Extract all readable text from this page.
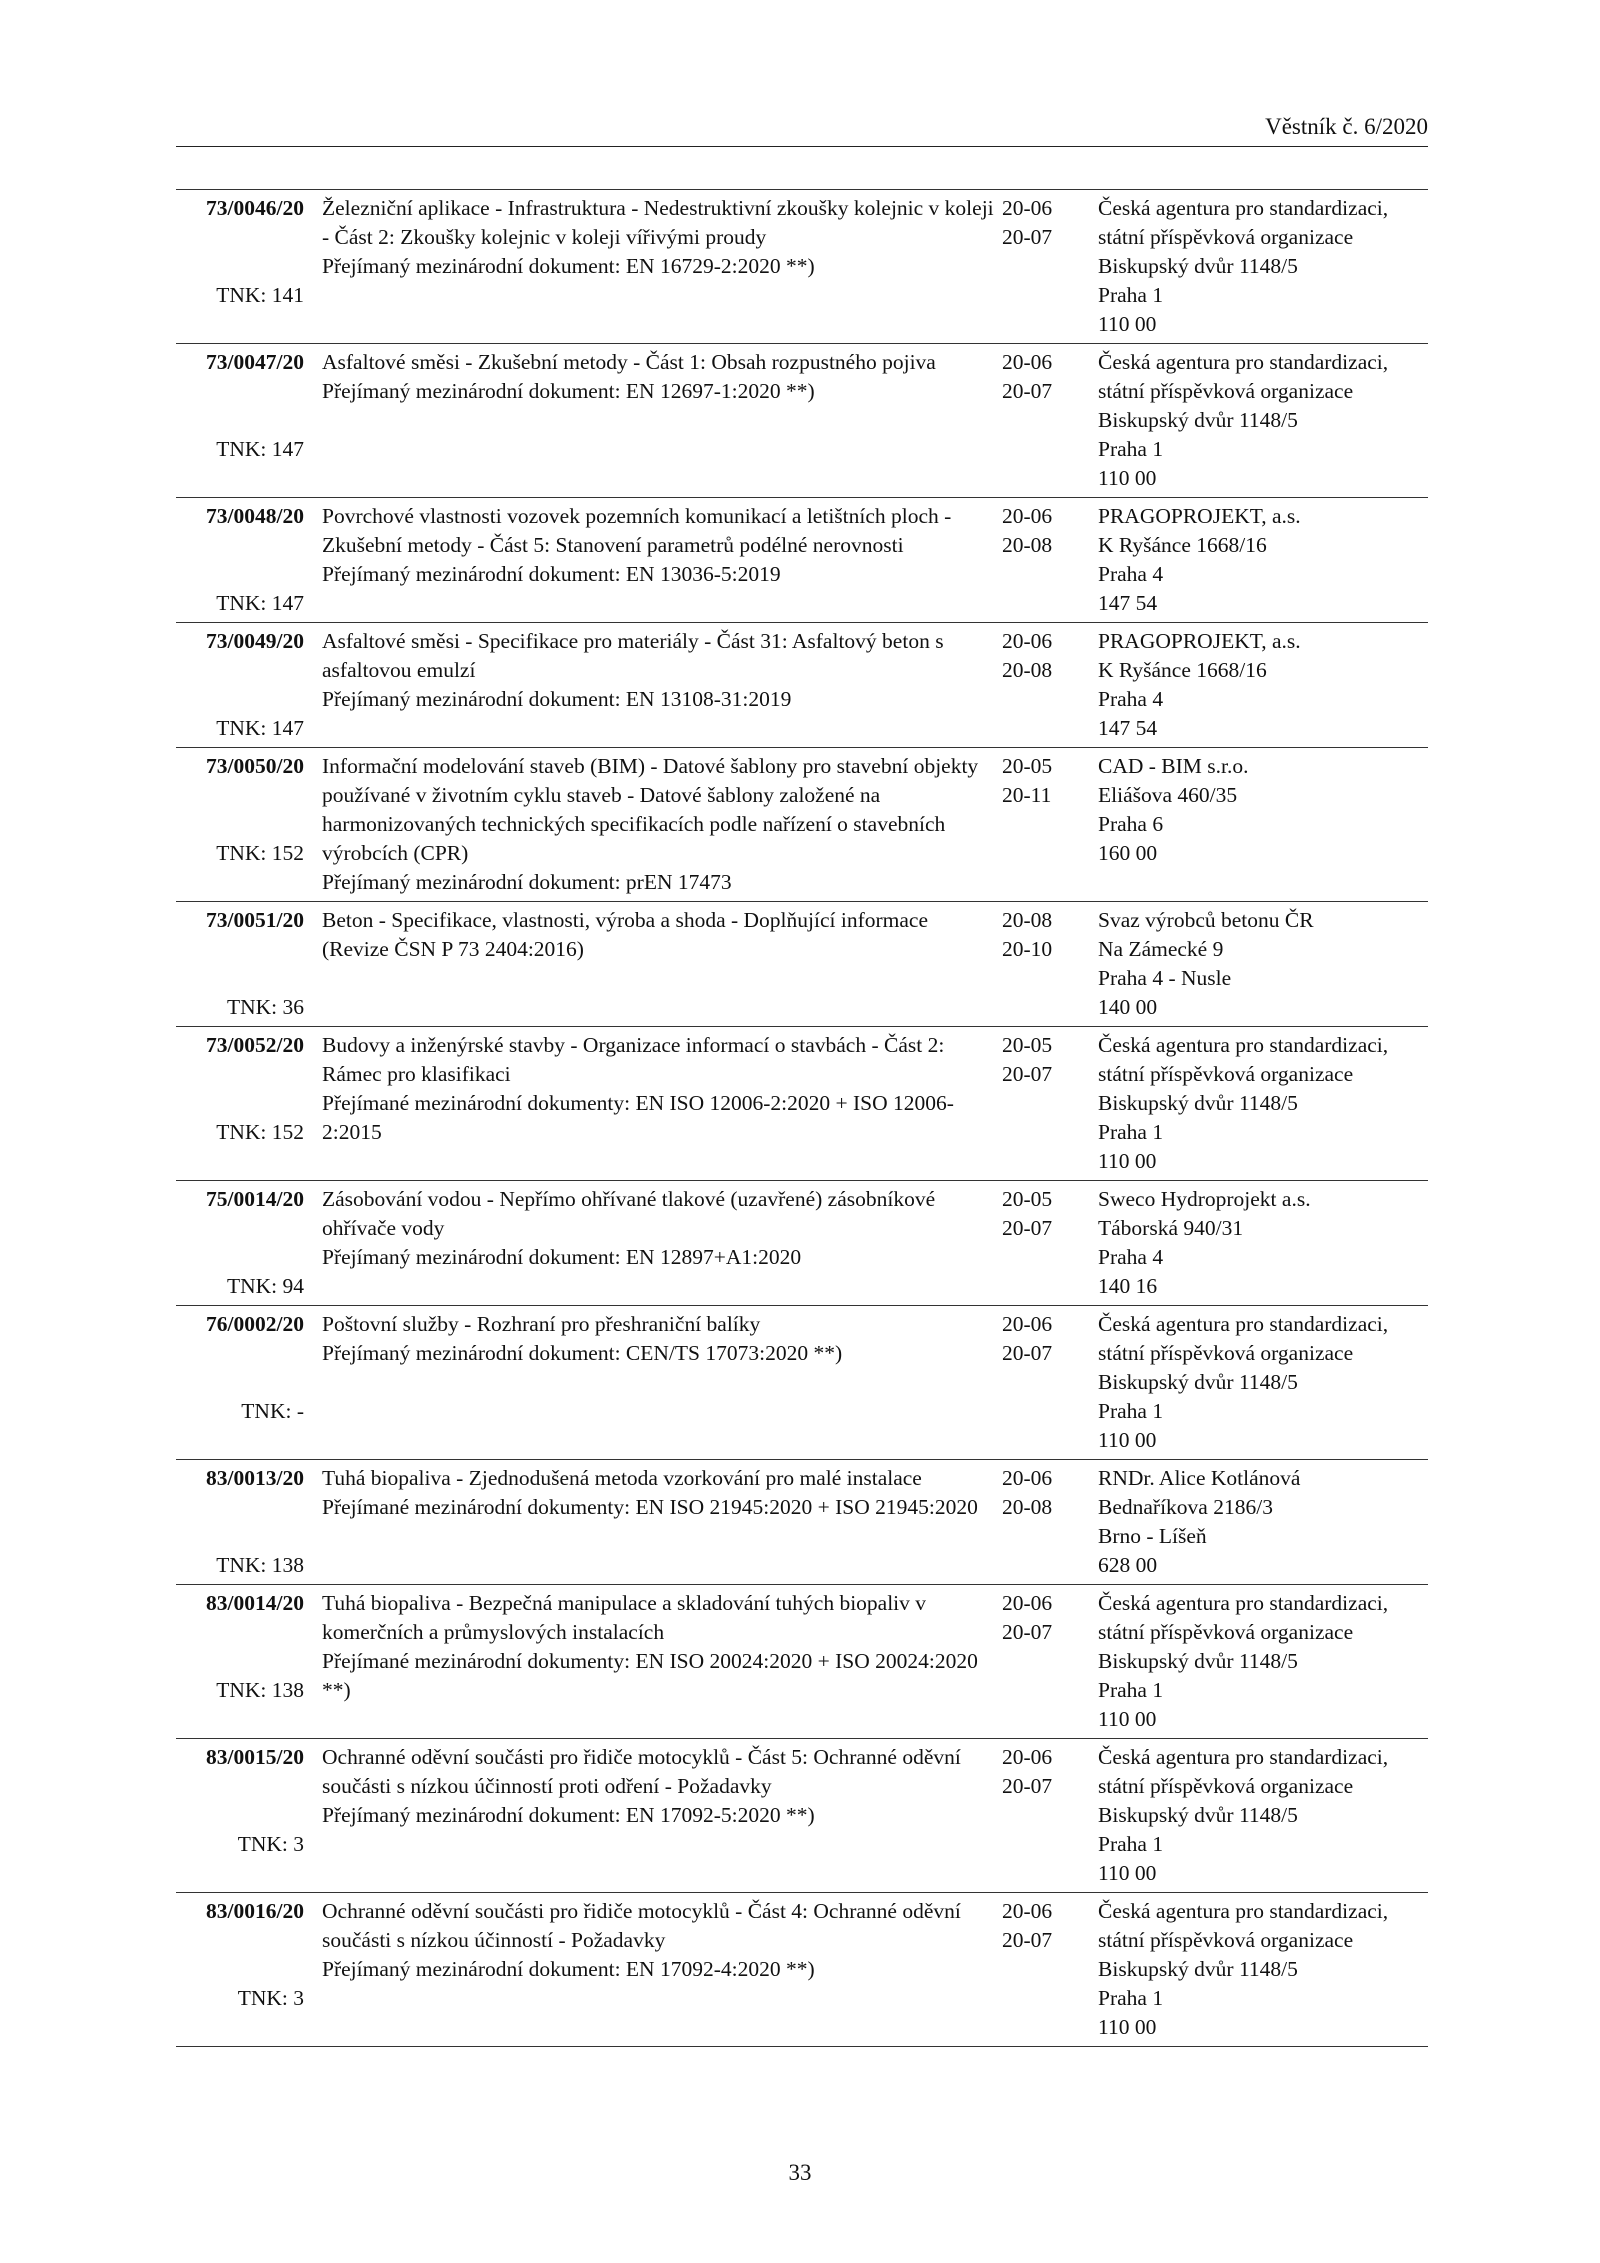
Věstník č. 6/2020
73/0046/20
TNK: 141
Železniční aplikace - Infrastruktura - Nedestruktivní zkoušky kolejnic v koleji - Část 2: Zkoušky kolejnic v koleji vířivými proudy
Přejímaný mezinárodní dokument: EN 16729-2:2020 **)
20-06
20-07
Česká agentura pro standardizaci,
státní příspěvková organizace
Biskupský dvůr 1148/5
Praha 1
110 00
73/0047/20
TNK: 147
Asfaltové směsi - Zkušební metody - Část 1: Obsah rozpustného pojiva
Přejímaný mezinárodní dokument: EN 12697-1:2020 **)
20-06
20-07
Česká agentura pro standardizaci,
státní příspěvková organizace
Biskupský dvůr 1148/5
Praha 1
110 00
73/0048/20
TNK: 147
Povrchové vlastnosti vozovek pozemních komunikací a letištních ploch - Zkušební metody - Část 5: Stanovení parametrů podélné nerovnosti
Přejímaný mezinárodní dokument: EN 13036-5:2019
20-06
20-08
PRAGOPROJEKT, a.s.
K Ryšánce 1668/16
Praha 4
147 54
73/0049/20
TNK: 147
Asfaltové směsi - Specifikace pro materiály - Část 31: Asfaltový beton s asfaltovou emulzí
Přejímaný mezinárodní dokument: EN 13108-31:2019
20-06
20-08
PRAGOPROJEKT, a.s.
K Ryšánce 1668/16
Praha 4
147 54
73/0050/20
TNK: 152
Informační modelování staveb (BIM) - Datové šablony pro stavební objekty používané v životním cyklu staveb - Datové šablony založené na harmonizovaných technických specifikacích podle nařízení o stavebních výrobcích (CPR)
Přejímaný mezinárodní dokument: prEN 17473
20-05
20-11
CAD - BIM s.r.o.
Eliášova 460/35
Praha 6
160 00
73/0051/20
TNK: 36
Beton - Specifikace, vlastnosti, výroba a shoda - Doplňující informace (Revize ČSN P 73 2404:2016)
20-08
20-10
Svaz výrobců betonu ČR
Na Zámecké 9
Praha 4 - Nusle
140 00
73/0052/20
TNK: 152
Budovy a inženýrské stavby - Organizace informací o stavbách - Část 2: Rámec pro klasifikaci
Přejímané mezinárodní dokumenty: EN ISO 12006-2:2020 + ISO 12006-2:2015
20-05
20-07
Česká agentura pro standardizaci,
státní příspěvková organizace
Biskupský dvůr 1148/5
Praha 1
110 00
75/0014/20
TNK: 94
Zásobování vodou - Nepřímo ohřívané tlakové (uzavřené) zásobníkové ohřívače vody
Přejímaný mezinárodní dokument: EN 12897+A1:2020
20-05
20-07
Sweco Hydroprojekt a.s.
Táborská 940/31
Praha 4
140 16
76/0002/20
TNK: -
Poštovní služby - Rozhraní pro přeshraniční balíky
Přejímaný mezinárodní dokument: CEN/TS 17073:2020 **)
20-06
20-07
Česká agentura pro standardizaci,
státní příspěvková organizace
Biskupský dvůr 1148/5
Praha 1
110 00
83/0013/20
TNK: 138
Tuhá biopaliva - Zjednodušená metoda vzorkování pro malé instalace
Přejímané mezinárodní dokumenty: EN ISO 21945:2020 + ISO 21945:2020
20-06
20-08
RNDr. Alice Kotlánová
Bednaříkova 2186/3
Brno - Líšeň
628 00
83/0014/20
TNK: 138
Tuhá biopaliva - Bezpečná manipulace a skladování tuhých biopaliv v komerčních a průmyslových instalacích
Přejímané mezinárodní dokumenty: EN ISO 20024:2020 + ISO 20024:2020 **)
20-06
20-07
Česká agentura pro standardizaci,
státní příspěvková organizace
Biskupský dvůr 1148/5
Praha 1
110 00
83/0015/20
TNK: 3
Ochranné oděvní součásti pro řidiče motocyklů - Část 5: Ochranné oděvní součásti s nízkou účinností proti odření - Požadavky
Přejímaný mezinárodní dokument: EN 17092-5:2020 **)
20-06
20-07
Česká agentura pro standardizaci,
státní příspěvková organizace
Biskupský dvůr 1148/5
Praha 1
110 00
83/0016/20
TNK: 3
Ochranné oděvní součásti pro řidiče motocyklů - Část 4: Ochranné oděvní součásti s nízkou účinností - Požadavky
Přejímaný mezinárodní dokument: EN 17092-4:2020 **)
20-06
20-07
Česká agentura pro standardizaci,
státní příspěvková organizace
Biskupský dvůr 1148/5
Praha 1
110 00
33
